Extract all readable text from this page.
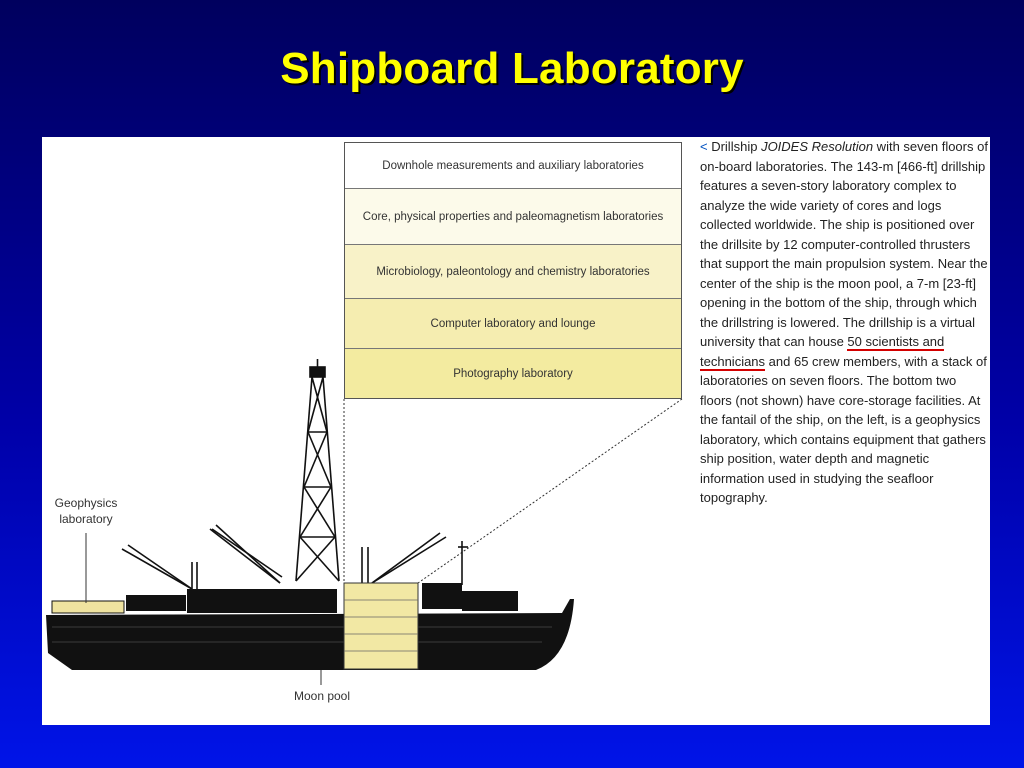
Shipboard Laboratory
Downhole measurements and auxiliary laboratories
Core, physical properties and paleomagnetism laboratories
Microbiology, paleontology and chemistry laboratories
Computer laboratory and lounge
Photography laboratory
Geophysics
laboratory
Moon pool
< Drillship JOIDES Resolution with seven floors of on-board laboratories. The 143-m [466-ft] drillship features a seven-story laboratory complex to analyze the wide variety of cores and logs collected worldwide. The ship is positioned over the drillsite by 12 computer-controlled thrusters that support the main propulsion system. Near the center of the ship is the moon pool, a 7-m [23-ft] opening in the bottom of the ship, through which the drillstring is lowered. The drillship is a virtual university that can house 50 scientists and technicians and 65 crew members, with a stack of laboratories on seven floors. The bottom two floors (not shown) have core-storage facilities. At the fantail of the ship, on the left, is a geophysics laboratory, which contains equipment that gathers ship position, water depth and magnetic information used in studying the seafloor topography.
